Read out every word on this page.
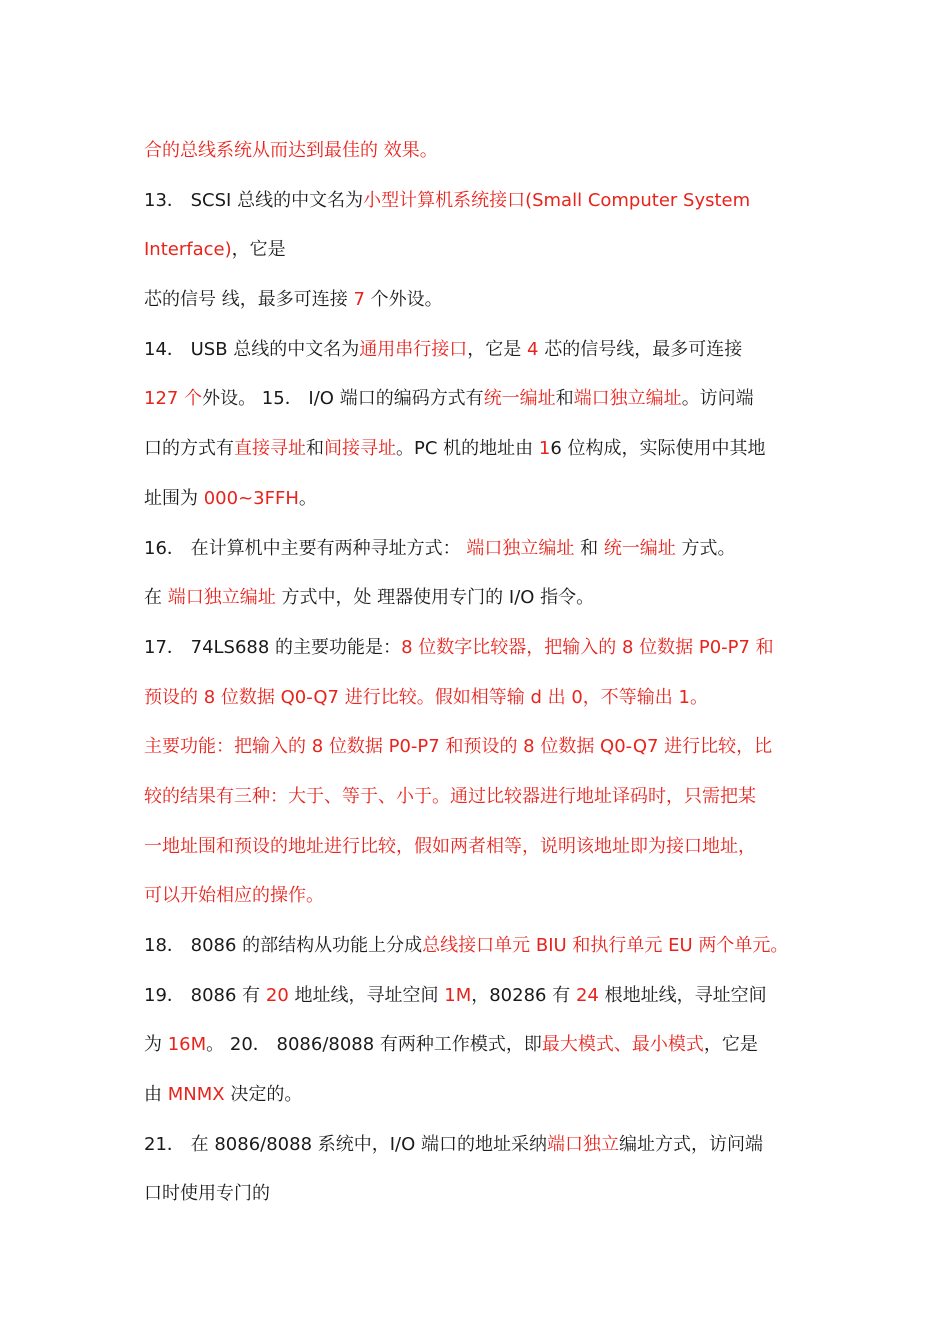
合的总线系统从而达到最佳的 效果。
13． SCSI 总线的中文名为小型计算机系统接口(Small Computer System
Interface)，它是
芯的信号 线，最多可连接 7 个外设。
14． USB 总线的中文名为通用串行接口，它是 4 芯的信号线，最多可连接
127 个外设。 15． I/O 端口的编码方式有统一编址和端口独立编址。访问端
口的方式有直接寻址和间接寻址。PC 机的地址由 16 位构成，实际使用中其地
址围为 000~3FFH。
16． 在计算机中主要有两种寻址方式： 端口独立编址 和 统一编址 方式。
在 端口独立编址 方式中，处 理器使用专门的 I/O 指令。
17． 74LS688 的主要功能是：8 位数字比较器，把输入的 8 位数据 P0-P7 和
预设的 8 位数据 Q0-Q7 进行比较。假如相等输 d 出 0，不等输出 1。
主要功能：把输入的 8 位数据 P0-P7 和预设的 8 位数据 Q0-Q7 进行比较，比
较的结果有三种：大于、等于、小于。通过比较器进行地址译码时，只需把某
一地址围和预设的地址进行比较，假如两者相等，说明该地址即为接口地址，
可以开始相应的操作。
18． 8086 的部结构从功能上分成总线接口单元 BIU 和执行单元 EU 两个单元。
19． 8086 有 20 地址线，寻址空间 1M，80286 有 24 根地址线，寻址空间
为 16M。 20． 8086/8088 有两种工作模式，即最大模式、最小模式，它是
由 MNMX 决定的。
21． 在 8086/8088 系统中，I/O 端口的地址采纳端口独立编址方式，访问端
口时使用专门的
